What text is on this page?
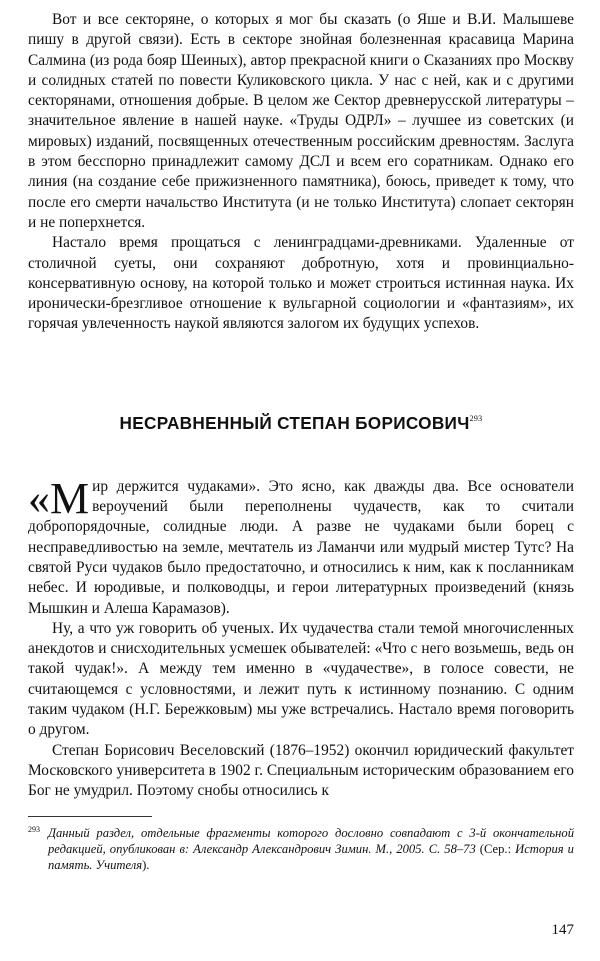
Вот и все секторяне, о которых я мог бы сказать (о Яше и В.И. Малышеве пишу в другой связи). Есть в секторе знойная болезненная красавица Марина Салмина (из рода бояр Шеиных), автор прекрасной книги о Сказаниях про Москву и солидных статей по повести Куликовского цикла. У нас с ней, как и с другими секторянами, отношения добрые. В целом же Сектор древнерусской литературы – значительное явление в нашей науке. «Труды ОДРЛ» – лучшее из советских (и мировых) изданий, посвященных отечественным российским древностям. Заслуга в этом бесспорно принадлежит самому ДСЛ и всем его соратникам. Однако его линия (на создание себе прижизненного памятника), боюсь, приведет к тому, что после его смерти начальство Института (и не только Института) слопает секторян и не поперхнется.

Настало время прощаться с ленинградцами-древниками. Удаленные от столичной суеты, они сохраняют добротную, хотя и провинциально-консервативную основу, на которой только и может строиться истинная наука. Их иронически-брезгливое отношение к вульгарной социологии и «фантазиям», их горячая увлеченность наукой являются залогом их будущих успехов.

НЕСРАВНЕННЫЙ СТЕПАН БОРИСОВИЧ$^{293}$

«Мир держится чудаками». Это ясно, как дважды два. Все основатели вероучений были переполнены чудачеств, как то считали добропорядочные, солидные люди. А разве не чудаками были борец с несправедливостью на земле, мечтатель из Ламанчи или мудрый мистер Тутс? На святой Руси чудаков было предостаточно, и относились к ним, как к посланникам небес. И юродивые, и полководцы, и герои литературных произведений (князь Мышкин и Алеша Карамазов).

Ну, а что уж говорить об ученых. Их чудачества стали темой многочисленных анекдотов и снисходительных усмешек обывателей: «Что с него возьмешь, ведь он такой чудак!». А между тем именно в «чудачестве», в голосе совести, не считающемся с условностями, и лежит путь к истинному познанию. С одним таким чудаком (Н.Г. Бережковым) мы уже встречались. Настало время поговорить о другом.

Степан Борисович Веселовский (1876–1952) окончил юридический факультет Московского университета в 1902 г. Специальным историческим образованием его Бог не умудрил. Поэтому снобы относились к

293 Данный раздел, отдельные фрагменты которого дословно совпадают с 3-й окончательной редакцией, опубликован в: Александр Александрович Зимин. М., 2005. С. 58–73 (Сер.: История и память. Учителя).
147
